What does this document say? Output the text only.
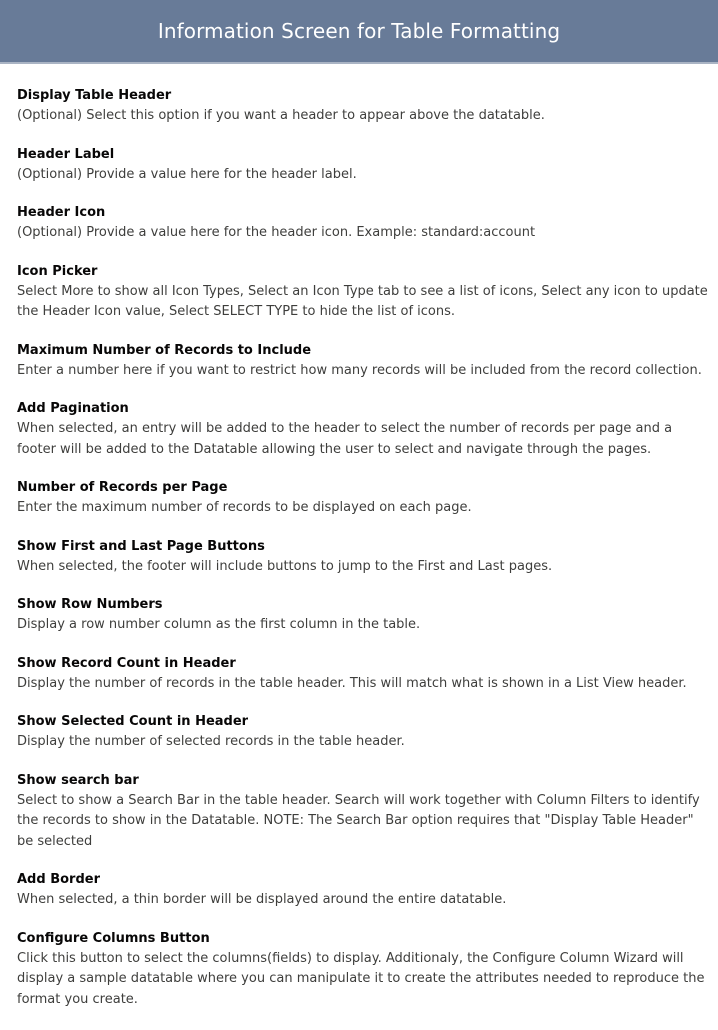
Information Screen for Table Formatting
Display Table Header
(Optional) Select this option if you want a header to appear above the datatable.
Header Label
(Optional) Provide a value here for the header label.
Header Icon
(Optional) Provide a value here for the header icon. Example: standard:account
Icon Picker
Select More to show all Icon Types, Select an Icon Type tab to see a list of icons, Select any icon to update the Header Icon value, Select SELECT TYPE to hide the list of icons.
Maximum Number of Records to Include
Enter a number here if you want to restrict how many records will be included from the record collection.
Add Pagination
When selected, an entry will be added to the header to select the number of records per page and a footer will be added to the Datatable allowing the user to select and navigate through the pages.
Number of Records per Page
Enter the maximum number of records to be displayed on each page.
Show First and Last Page Buttons
When selected, the footer will include buttons to jump to the First and Last pages.
Show Row Numbers
Display a row number column as the first column in the table.
Show Record Count in Header
Display the number of records in the table header. This will match what is shown in a List View header.
Show Selected Count in Header
Display the number of selected records in the table header.
Show search bar
Select to show a Search Bar in the table header. Search will work together with Column Filters to identify the records to show in the Datatable. NOTE: The Search Bar option requires that "Display Table Header" be selected
Add Border
When selected, a thin border will be displayed around the entire datatable.
Configure Columns Button
Click this button to select the columns(fields) to display. Additionaly, the Configure Column Wizard will display a sample datatable where you can manipulate it to create the attributes needed to reproduce the format you create.
